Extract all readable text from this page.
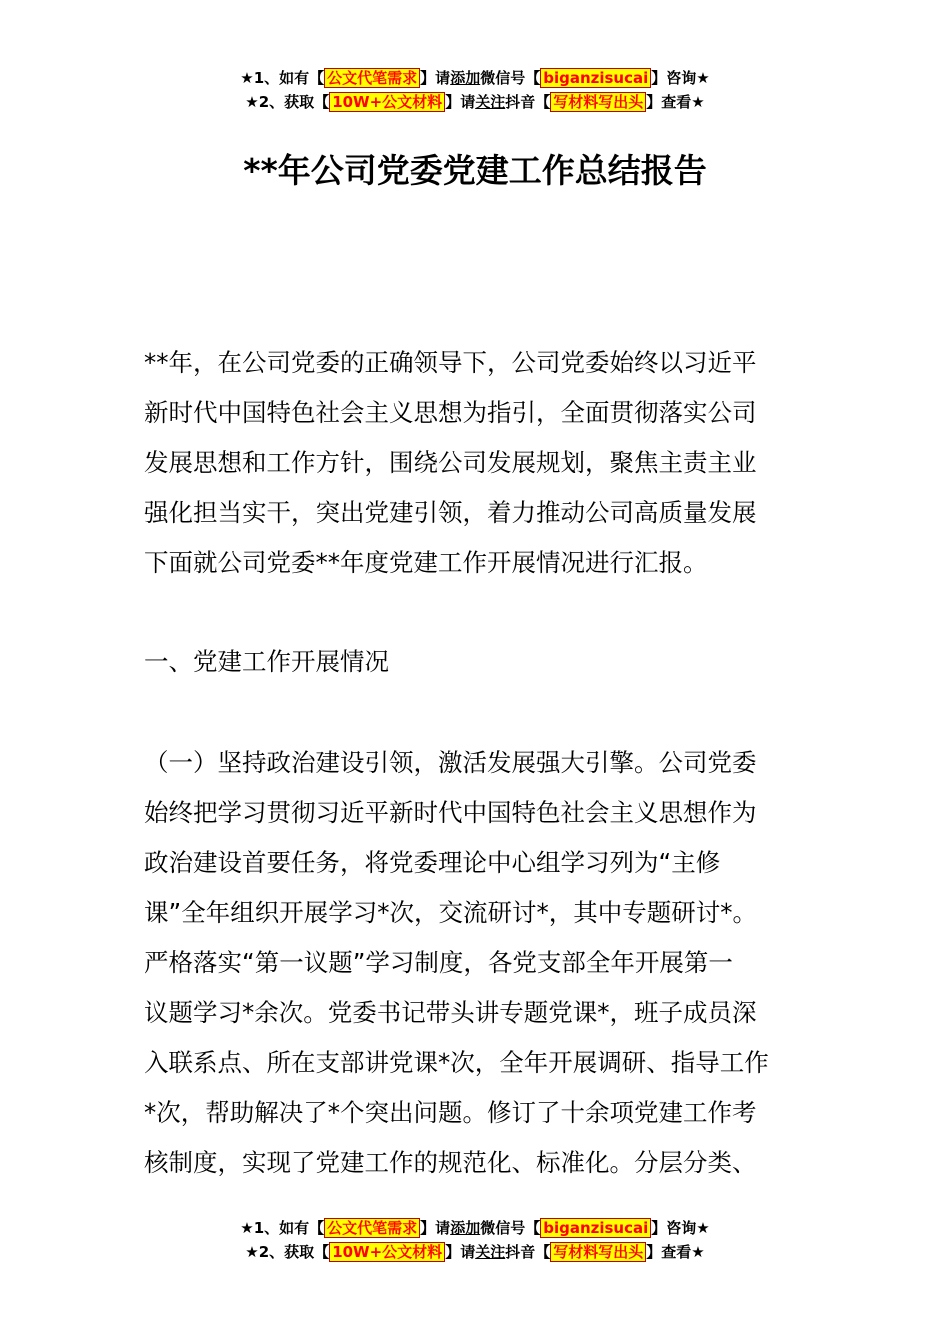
★1、如有【 公文代笔需求 】请添加微信号【 biganzisucai 】咨询★
★2、获取【 10W+公文材料 】请关注抖音【 写材料写出头 】查看★
**年公司党委党建工作总结报告

**年，在公司党委的正确领导下，公司党委始终以习近平

新时代中国特色社会主义思想为指引，全面贯彻落实公司

发展思想和工作方针，围绕公司发展规划，聚焦主责主业

强化担当实干，突出党建引领，着力推动公司高质量发展

下面就公司党委**年度党建工作开展情况进行汇报。

一、党建工作开展情况

（一）坚持政治建设引领，激活发展强大引擎。公司党委

始终把学习贯彻习近平新时代中国特色社会主义思想作为

政治建设首要任务，将党委理论中心组学习列为“主修

课”全年组织开展学习*次，交流研讨*，其中专题研讨*。

严格落实“第一议题”学习制度，各党支部全年开展第一

议题学习*余次。党委书记带头讲专题党课*，班子成员深

入联系点、所在支部讲党课*次，全年开展调研、指导工作

*次，帮助解决了*个突出问题。修订了十余项党建工作考

核制度，实现了党建工作的规范化、标准化。分层分类、

★1、如有【 公文代笔需求 】请添加微信号【 biganzisucai 】咨询★
★2、获取【 10W+公文材料 】请关注抖音【 写材料写出头 】查看★
